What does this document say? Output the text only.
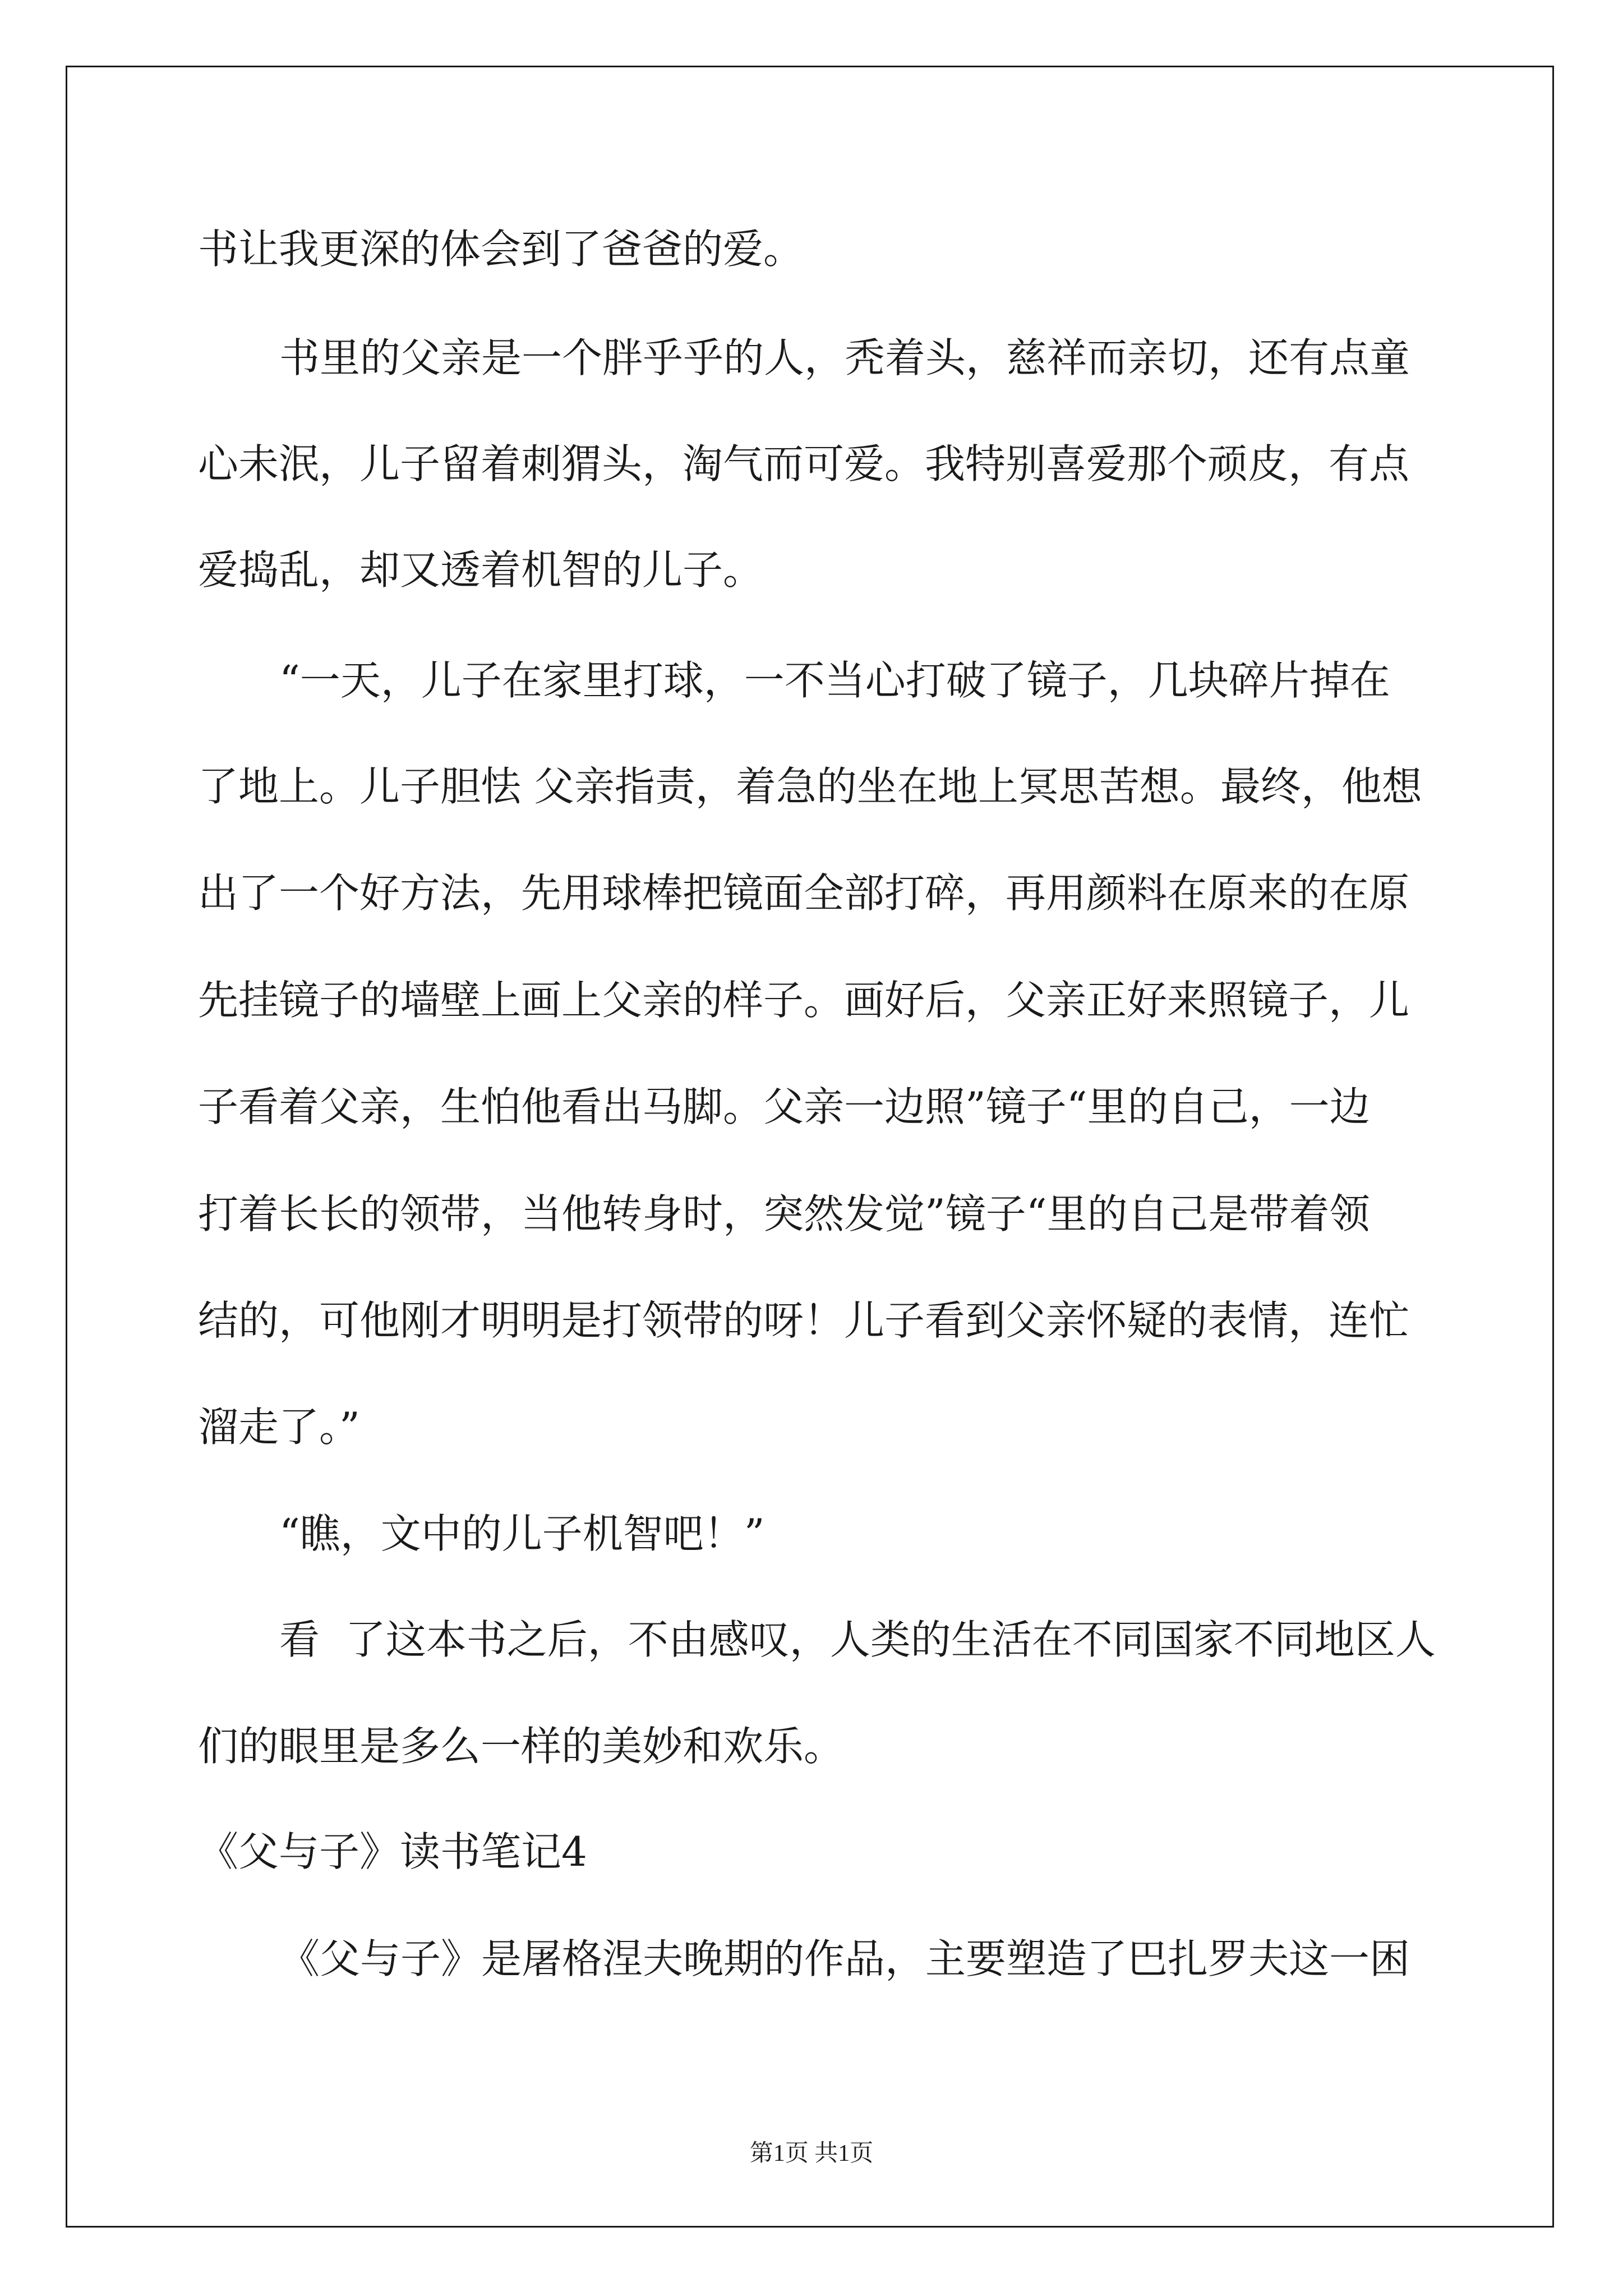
书让我更深的体会到了爸爸的爱。
书里的父亲是一个胖乎乎的人，秃着头，慈祥而亲切，还有点童
心未泯，儿子留着刺猬头，淘气而可爱。我特别喜爱那个顽皮，有点
爱捣乱，却又透着机智的儿子。
“一天，儿子在家里打球，一不当心打破了镜子，几块碎片掉在
了地上。儿子胆怯 父亲指责，着急的坐在地上冥思苦想。最终，他想
出了一个好方法，先用球棒把镜面全部打碎，再用颜料在原来的在原
先挂镜子的墙壁上画上父亲的样子。画好后，父亲正好来照镜子，儿
子看着父亲，生怕他看出马脚。父亲一边照”镜子“里的自己，一边
打着长长的领带，当他转身时，突然发觉”镜子“里的自己是带着领
结的，可他刚才明明是打领带的呀！儿子看到父亲怀疑的表情，连忙
溜走了。”
“瞧，文中的儿子机智吧！”
看  了这本书之后，不由感叹，人类的生活在不同国家不同地区人
们的眼里是多么一样的美妙和欢乐。
《父与子》读书笔记4
《父与子》是屠格涅夫晚期的作品，主要塑造了巴扎罗夫这一困
第1页 共1页
